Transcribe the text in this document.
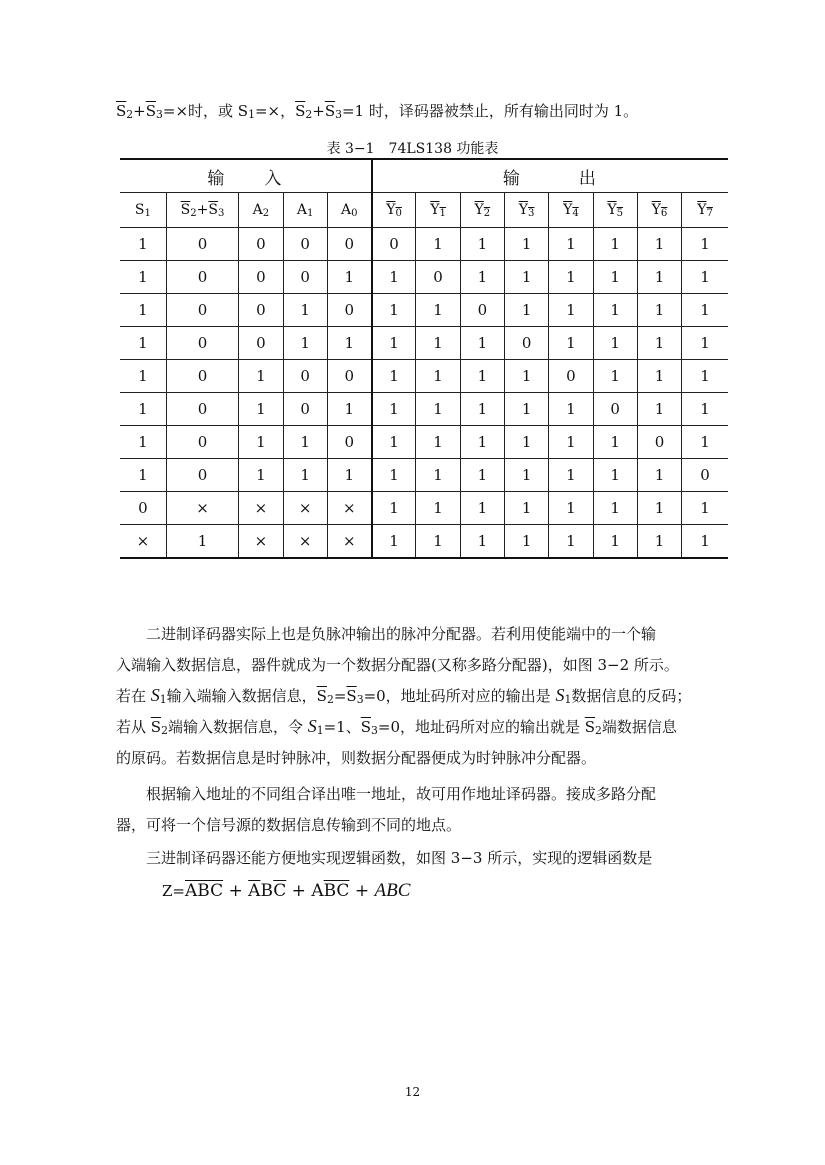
$\overline{S}2+\overline{S}3=\times$时，或 S1=×，$\overline{S}2+\overline{S}3=1$ 时，译码器被禁止，所有输出同时为 1。
表 3−1　74LS138 功能表
输　　入					输　　　出							
S1	$\overline{S}2+\overline{S}3$	A2	A1	A0	Y0	Y1	Y2	Y3	Y4	Y5	Y6	Y7
1	0	0	0	0	0	1	1	1	1	1	1	1
1	0	0	0	1	1	0	1	1	1	1	1	1
1	0	0	1	0	1	1	0	1	1	1	1	1
1	0	0	1	1	1	1	1	0	1	1	1	1
1	0	1	0	0	1	1	1	1	0	1	1	1
1	0	1	0	1	1	1	1	1	1	0	1	1
1	0	1	1	0	1	1	1	1	1	1	0	1
1	0	1	1	1	1	1	1	1	1	1	1	0
0	×	×	×	×	1	1	1	1	1	1	1	1
×	1	×	×	×	1	1	1	1	1	1	1	1
二进制译码器实际上也是负脉冲输出的脉冲分配器。若利用使能端中的一个输
入端输入数据信息，器件就成为一个数据分配器(又称多路分配器)，如图 3−2 所示。
若在 S1输入端输入数据信息，$\overline{S}2=\overline{S}3=0$，地址码所对应的输出是 S1数据信息的反码；
若从 $\overline{S}2$端输入数据信息，令 S1=1、$\overline{S}3=0$，地址码所对应的输出就是 $\overline{S}2$端数据信息
的原码。若数据信息是时钟脉冲，则数据分配器便成为时钟脉冲分配器。
根据输入地址的不同组合译出唯一地址，故可用作地址译码器。接成多路分配
器，可将一个信号源的数据信息传输到不同的地点。
三进制译码器还能方便地实现逻辑函数，如图 3−3 所示，实现的逻辑函数是
$Z=\overline{ABC} + \overline{A}B\overline{C} + A\overline{BC}$ + ABC
12
